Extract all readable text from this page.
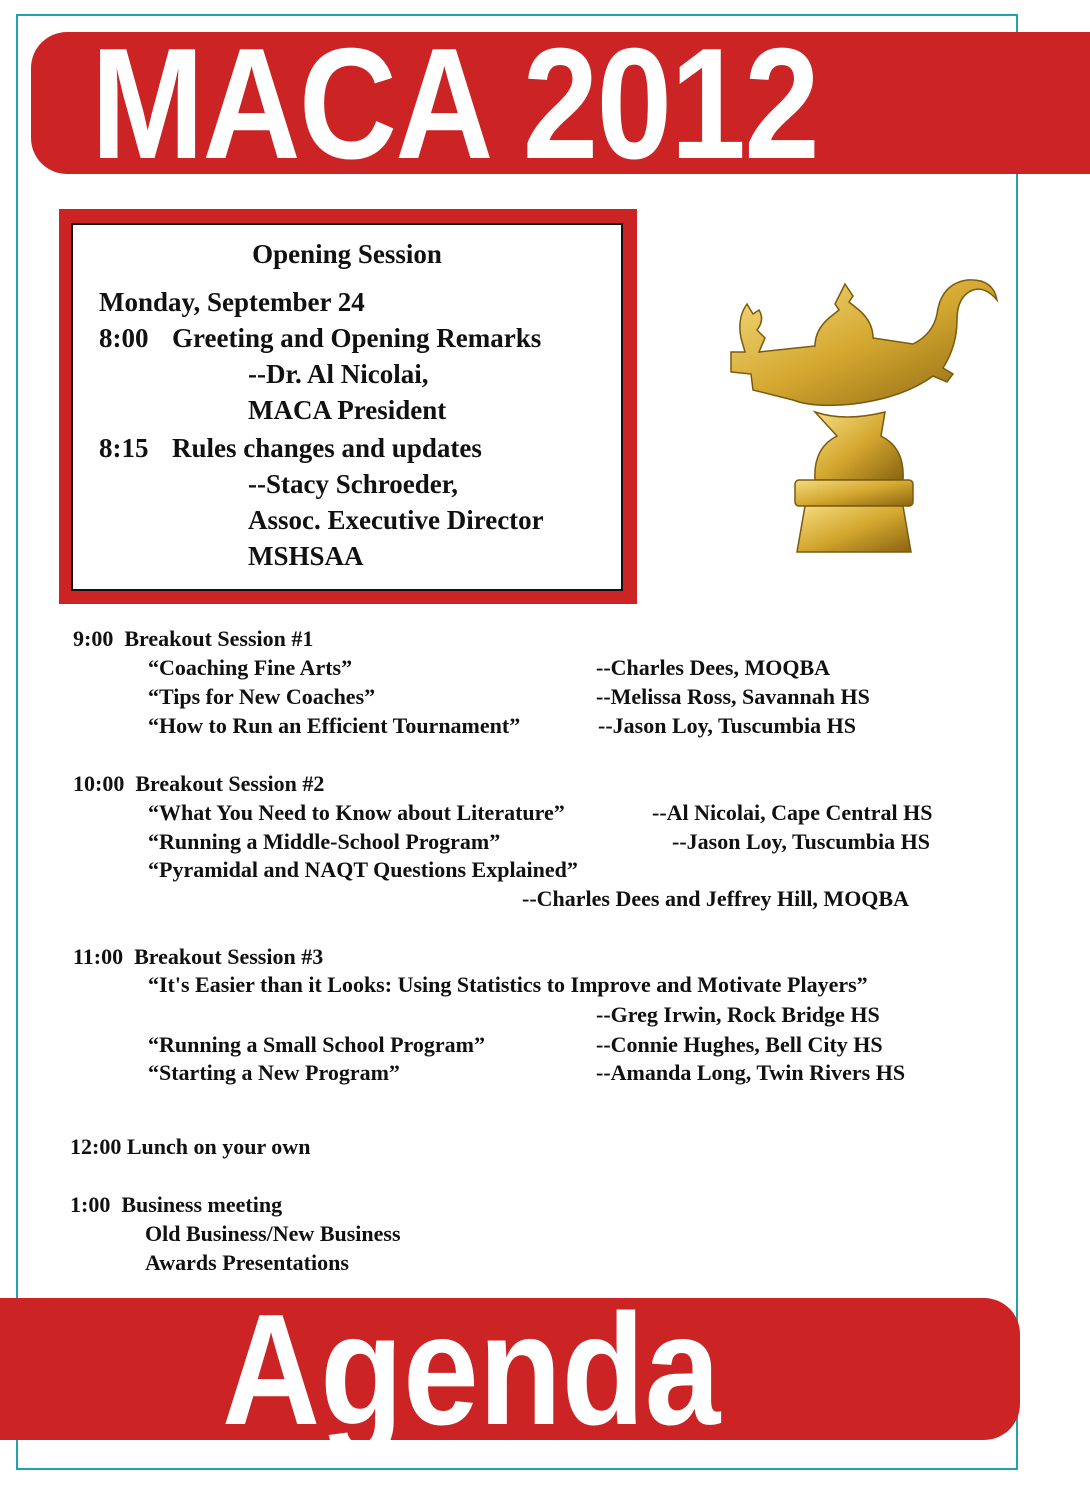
MACA 2012
Opening Session
Monday, September 24
8:00 Greeting and Opening Remarks
--Dr. Al Nicolai,
MACA President
8:15 Rules changes and updates
--Stacy Schroeder,
Assoc. Executive Director
MSHSAA
9:00 Breakout Session #1
“Coaching Fine Arts”	--Charles Dees, MOQBA
“Tips for New Coaches”	--Melissa Ross, Savannah HS
“How to Run an Efficient Tournament”	--Jason Loy, Tuscumbia HS
10:00 Breakout Session #2
“What You Need to Know about Literature”	--Al Nicolai, Cape Central HS
“Running a Middle-School Program”	--Jason Loy, Tuscumbia HS
“Pyramidal and NAQT Questions Explained”
--Charles Dees and Jeffrey Hill, MOQBA
11:00 Breakout Session #3
“It's Easier than it Looks: Using Statistics to Improve and Motivate Players”
--Greg Irwin, Rock Bridge HS
“Running a Small School Program”	--Connie Hughes, Bell City HS
“Starting a New Program”	--Amanda Long, Twin Rivers HS
12:00 Lunch on your own
1:00 Business meeting
Old Business/New Business
Awards Presentations
Agenda
